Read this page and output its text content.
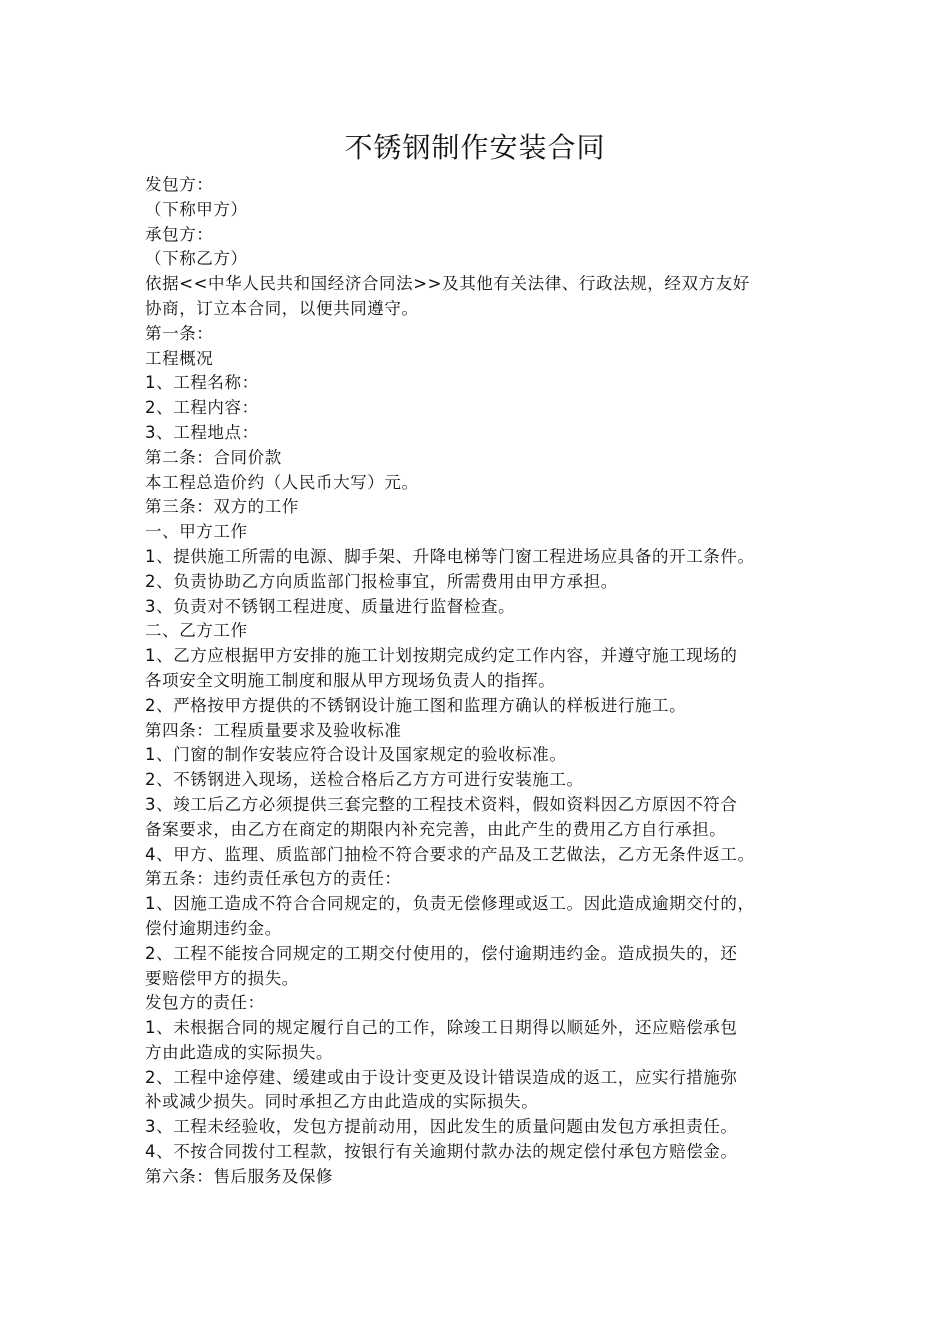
不锈钢制作安装合同
发包方：
（下称甲方）
承包方：
（下称乙方）
依据<<中华人民共和国经济合同法>>及其他有关法律、行政法规，经双方友好
协商，订立本合同，以便共同遵守。
第一条：
工程概况
1、工程名称：
2、工程内容：
3、工程地点：
第二条：合同价款
本工程总造价约（人民币大写）元。
第三条：双方的工作
一、甲方工作
1、提供施工所需的电源、脚手架、升降电梯等门窗工程进场应具备的开工条件。
2、负责协助乙方向质监部门报检事宜，所需费用由甲方承担。
3、负责对不锈钢工程进度、质量进行监督检查。
二、乙方工作
1、乙方应根据甲方安排的施工计划按期完成约定工作内容，并遵守施工现场的
各项安全文明施工制度和服从甲方现场负责人的指挥。
2、严格按甲方提供的不锈钢设计施工图和监理方确认的样板进行施工。
第四条：工程质量要求及验收标准
1、门窗的制作安装应符合设计及国家规定的验收标准。
2、不锈钢进入现场，送检合格后乙方方可进行安装施工。
3、竣工后乙方必须提供三套完整的工程技术资料，假如资料因乙方原因不符合
备案要求，由乙方在商定的期限内补充完善，由此产生的费用乙方自行承担。
4、甲方、监理、质监部门抽检不符合要求的产品及工艺做法，乙方无条件返工。
第五条：违约责任承包方的责任：
1、因施工造成不符合合同规定的，负责无偿修理或返工。因此造成逾期交付的，
偿付逾期违约金。
2、工程不能按合同规定的工期交付使用的，偿付逾期违约金。造成损失的，还
要赔偿甲方的损失。
发包方的责任：
1、未根据合同的规定履行自己的工作，除竣工日期得以顺延外，还应赔偿承包
方由此造成的实际损失。
2、工程中途停建、缓建或由于设计变更及设计错误造成的返工，应实行措施弥
补或减少损失。同时承担乙方由此造成的实际损失。
3、工程未经验收，发包方提前动用，因此发生的质量问题由发包方承担责任。
4、不按合同拨付工程款，按银行有关逾期付款办法的规定偿付承包方赔偿金。
第六条：售后服务及保修
